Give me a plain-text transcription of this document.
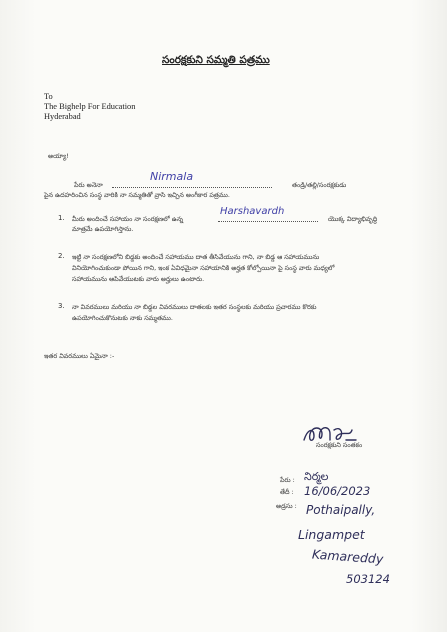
సంరక్షకుని సమ్మతి పత్రము
To
The Bighelp For Education
Hyderabad
అయ్యా!
పేరు అనెనా
Nirmala
తండ్రి/తల్లి/సంరక్షకుడు
పైన ఉదహరించిన సంస్థ వారికి నా సమ్మతితో వ్రాసి ఇచ్చిన అంగీకార పత్రము.
1. మీరు అందించే సహాయం నా సంరక్షణలో ఉన్న
Harshavardh
యొక్క విద్యాభివృద్ధి
మాత్రమే ఉపయోగిస్తాను.
2. ఇట్టి నా సంరక్షణలోని బిడ్డకు అందించే సహాయము దాత తీసివేయును గాని, నా బిడ్డ ఆ సహాయమును
వినియోగించుకుండా పోయిన గాని, ఇంక ఏవిధమైనా సహాయానికి అర్హత కోల్పోయినా పై సంస్థ వారు మధ్యలో
సహాయమును ఆపివేయుటకు వారు అర్హులు ఉంటారు.
3. నా వివరములు మరియు నా బిడ్డల వివరములు దాతలకు ఇతర సంస్థలకు మరియు ప్రచారము కొరకు
ఉపయోగించుకొనుటకు నాకు సమ్మతము.
ఇతర వివరములు ఏమైనా :-
సంరక్షకుని సంతకం
పేరు : నిర్మల
తేదీ : 16/06/2023
అడ్రసు : Pothaipally,
Lingampet
Kamareddy
503124
